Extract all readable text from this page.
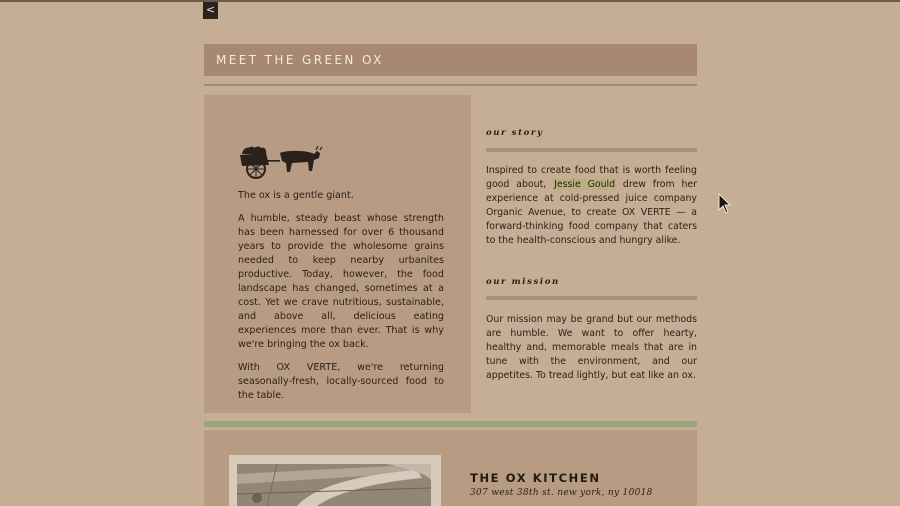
<
MEET THE GREEN OX

The ox is a gentle giant.

A humble, steady beast whose strength has been harnessed for over 6 thousand years to provide the wholesome grains needed to keep nearby urbanites productive. Today, however, the food landscape has changed, sometimes at a cost. Yet we crave nutritious, sustainable, and above all, delicious eating experiences more than ever. That is why we're bringing the ox back.

With OX VERTE, we're returning seasonally-fresh, locally-sourced food to the table.

our story
Inspired to create food that is worth feeling good about, Jessie Gould drew from her experience at cold-pressed juice company Organic Avenue, to create OX VERTE — a forward-thinking food company that caters to the health-conscious and hungry alike.
our mission
Our mission may be grand but our methods are humble. We want to offer hearty, healthy and, memorable meals that are in tune with the environment, and our appetites. To tread lightly, but eat like an ox.
THE OX KITCHEN
307 west 38th st. new york, ny 10018
